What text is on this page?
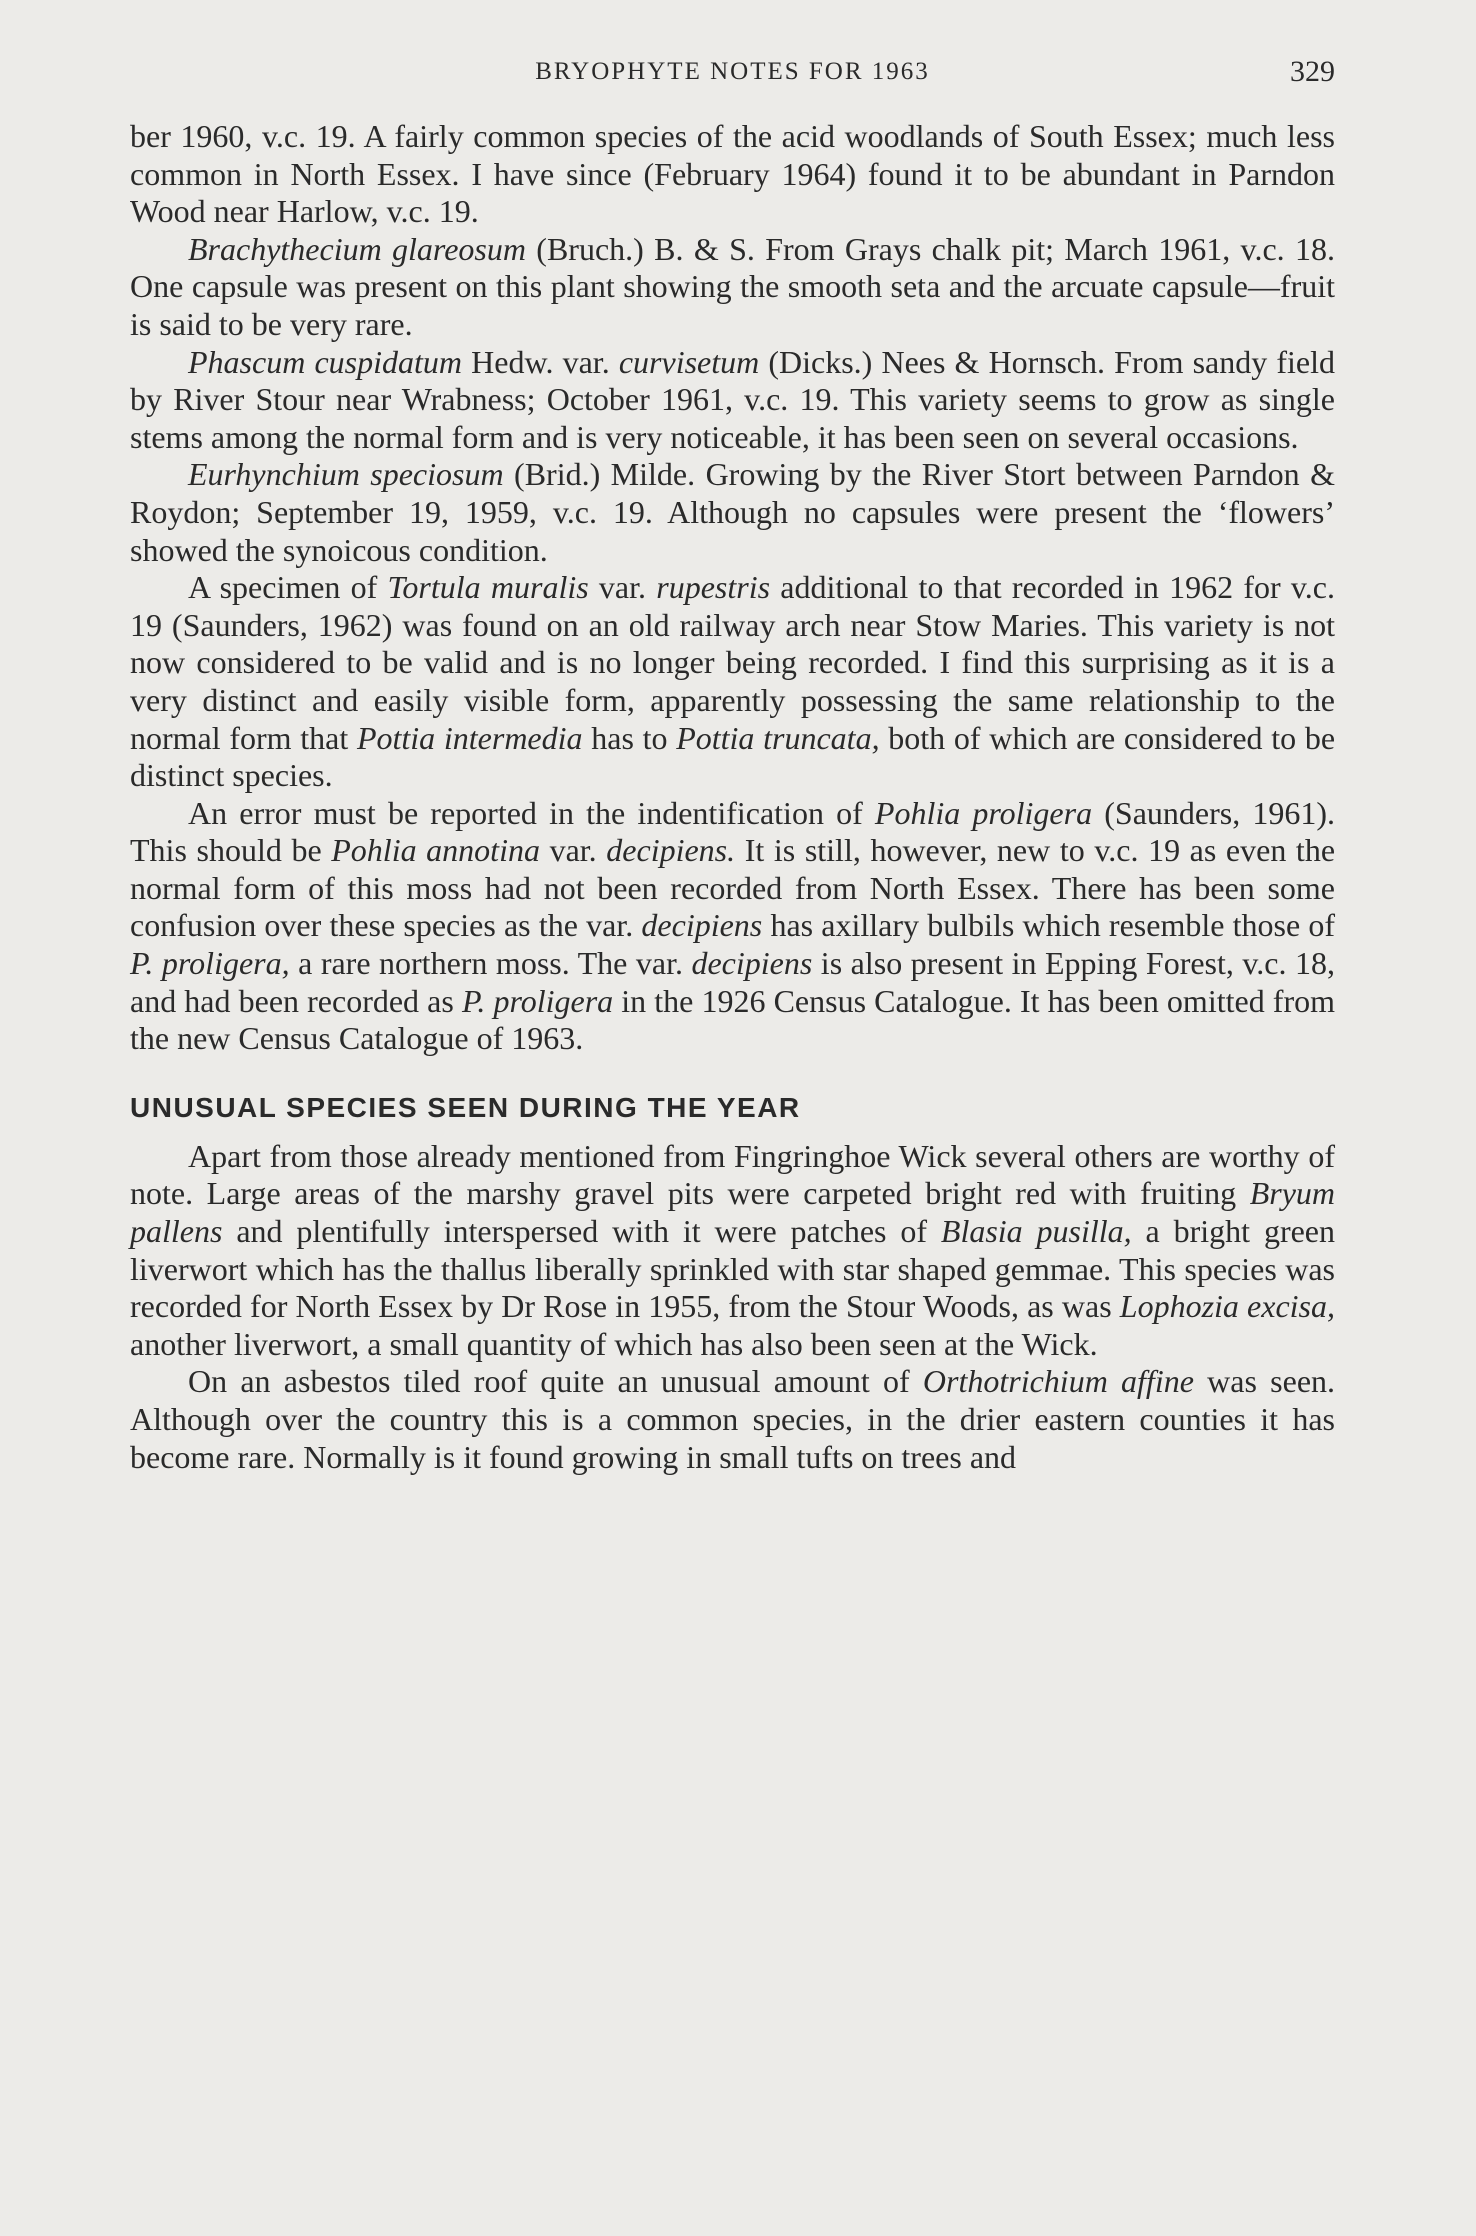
BRYOPHYTE NOTES FOR 1963	329

ber 1960, v.c. 19. A fairly common species of the acid woodlands of South Essex; much less common in North Essex. I have since (February 1964) found it to be abundant in Parndon Wood near Harlow, v.c. 19.

Brachythecium glareosum (Bruch.) B. & S. From Grays chalk pit; March 1961, v.c. 18. One capsule was present on this plant showing the smooth seta and the arcuate capsule—fruit is said to be very rare.

Phascum cuspidatum Hedw. var. curvisetum (Dicks.) Nees & Hornsch. From sandy field by River Stour near Wrabness; October 1961, v.c. 19. This variety seems to grow as single stems among the normal form and is very noticeable, it has been seen on several occasions.

Eurhynchium speciosum (Brid.) Milde. Growing by the River Stort between Parndon & Roydon; September 19, 1959, v.c. 19. Although no capsules were present the ‘flowers’ showed the synoicous condition.

A specimen of Tortula muralis var. rupestris additional to that recorded in 1962 for v.c. 19 (Saunders, 1962) was found on an old railway arch near Stow Maries. This variety is not now considered to be valid and is no longer being recorded. I find this surprising as it is a very distinct and easily visible form, apparently possessing the same relationship to the normal form that Pottia intermedia has to Pottia truncata, both of which are considered to be distinct species.

An error must be reported in the indentification of Pohlia proligera (Saunders, 1961). This should be Pohlia annotina var. decipiens. It is still, however, new to v.c. 19 as even the normal form of this moss had not been recorded from North Essex. There has been some confusion over these species as the var. decipiens has axillary bulbils which resemble those of P. proligera, a rare northern moss. The var. decipiens is also present in Epping Forest, v.c. 18, and had been recorded as P. proligera in the 1926 Census Catalogue. It has been omitted from the new Census Catalogue of 1963.

UNUSUAL SPECIES SEEN DURING THE YEAR

Apart from those already mentioned from Fingringhoe Wick several others are worthy of note. Large areas of the marshy gravel pits were carpeted bright red with fruiting Bryum pallens and plentifully interspersed with it were patches of Blasia pusilla, a bright green liverwort which has the thallus liberally sprinkled with star shaped gemmae. This species was recorded for North Essex by Dr Rose in 1955, from the Stour Woods, as was Lophozia excisa, another liverwort, a small quantity of which has also been seen at the Wick.

On an asbestos tiled roof quite an unusual amount of Orthotrichium affine was seen. Although over the country this is a common species, in the drier eastern counties it has become rare. Normally is it found growing in small tufts on trees and
